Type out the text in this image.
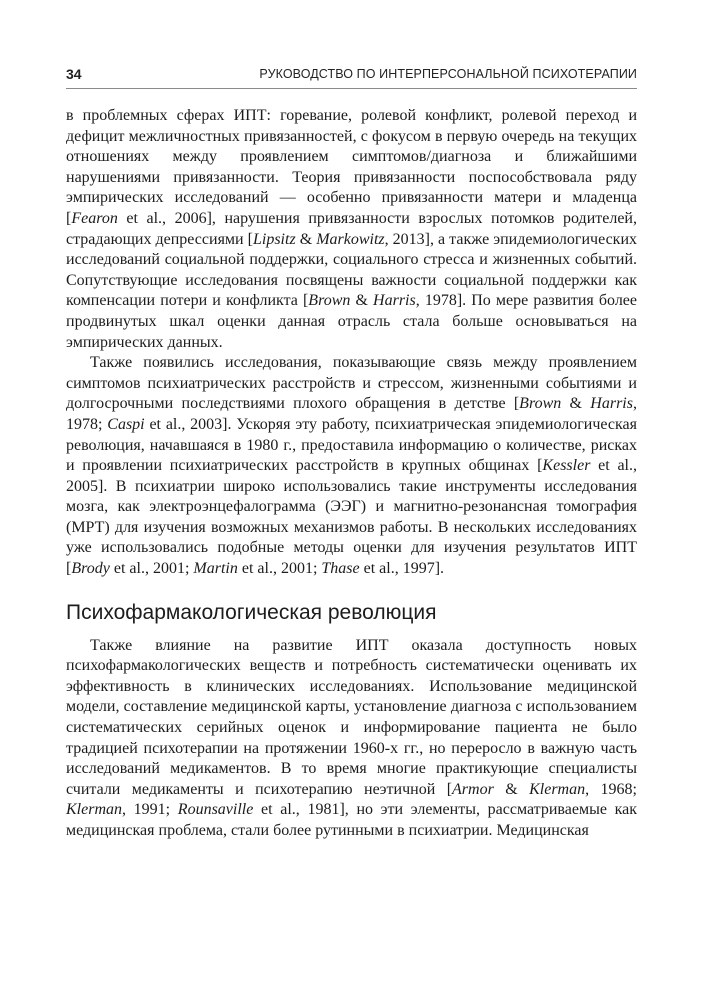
34	РУКОВОДСТВО ПО ИНТЕРПЕРСОНАЛЬНОЙ ПСИХОТЕРАПИИ

в проблемных сферах ИПТ: горевание, ролевой конфликт, ролевой переход и дефицит межличностных привязанностей, с фокусом в первую очередь на текущих отношениях между проявлением симптомов/диагноза и ближайшими нарушениями привязанности. Теория привязанности поспособствовала ряду эмпирических исследований — особенно привязанности матери и младенца [Fearon et al., 2006], нарушения привязанности взрослых потомков родителей, страдающих депрессиями [Lipsitz & Markowitz, 2013], а также эпидемиологических исследований социальной поддержки, социального стресса и жизненных событий. Сопутствующие исследования посвящены важности социальной поддержки как компенсации потери и конфликта [Brown & Harris, 1978]. По мере развития более продвинутых шкал оценки данная отрасль стала больше основываться на эмпирических данных.

Также появились исследования, показывающие связь между проявлением симптомов психиатрических расстройств и стрессом, жизненными событиями и долгосрочными последствиями плохого обращения в детстве [Brown & Harris, 1978; Caspi et al., 2003]. Ускоряя эту работу, психиатрическая эпидемиологическая революция, начавшаяся в 1980 г., предоставила информацию о количестве, рисках и проявлении психиатрических расстройств в крупных общинах [Kessler et al., 2005]. В психиатрии широко использовались такие инструменты исследования мозга, как электроэнцефалограмма (ЭЭГ) и магнитно-резонансная томография (МРТ) для изучения возможных механизмов работы. В нескольких исследованиях уже использовались подобные методы оценки для изучения результатов ИПТ [Brody et al., 2001; Martin et al., 2001; Thase et al., 1997].

Психофармакологическая революция

Также влияние на развитие ИПТ оказала доступность новых психофармакологических веществ и потребность систематически оценивать их эффективность в клинических исследованиях. Использование медицинской модели, составление медицинской карты, установление диагноза с использованием систематических серийных оценок и информирование пациента не было традицией психотерапии на протяжении 1960-х гг., но переросло в важную часть исследований медикаментов. В то время многие практикующие специалисты считали медикаменты и психотерапию неэтичной [Armor & Klerman, 1968; Klerman, 1991; Rounsaville et al., 1981], но эти элементы, рассматриваемые как медицинская проблема, стали более рутинными в психиатрии. Медицинская
